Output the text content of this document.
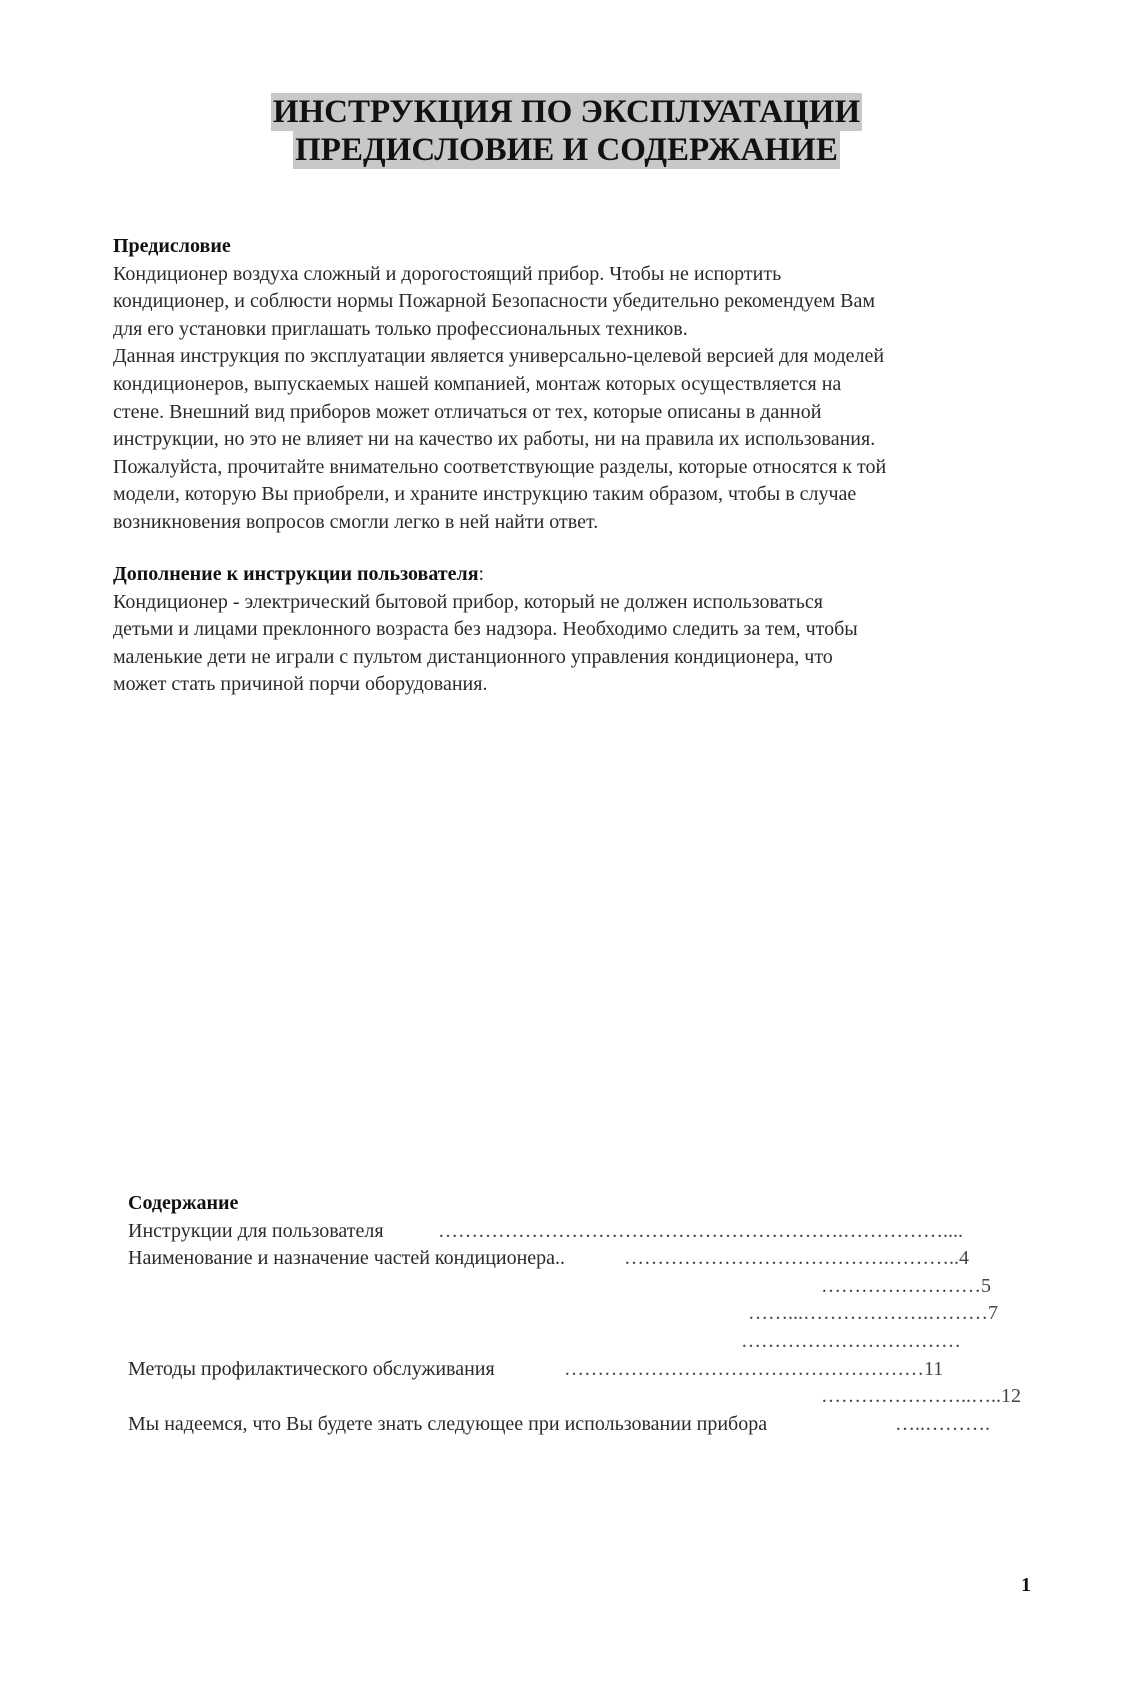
ИНСТРУКЦИЯ ПО ЭКСПЛУАТАЦИИ
ПРЕДИСЛОВИЕ И СОДЕРЖАНИЕ
Предисловие
Кондиционер воздуха сложный и дорогостоящий прибор. Чтобы не испортить
кондиционер, и соблюсти нормы Пожарной Безопасности убедительно рекомендуем Вам
для его установки приглашать только профессиональных техников.
Данная инструкция по эксплуатации является универсально-целевой версией для моделей
кондиционеров, выпускаемых нашей компанией, монтаж которых осуществляется на
стене. Внешний вид приборов может отличаться от тех, которые описаны в данной
инструкции, но это не влияет ни на качество их работы, ни на правила их использования.
Пожалуйста, прочитайте внимательно соответствующие разделы, которые относятся к той
модели, которую Вы приобрели, и храните инструкцию таким образом, чтобы в случае
возникновения вопросов смогли легко в ней найти ответ.
Дополнение к инструкции пользователя:
Кондиционер - электрический бытовой прибор, который не должен использоваться
детьми и лицами преклонного возраста без надзора. Необходимо следить за тем, чтобы
маленькие дети не играли с пультом дистанционного управления кондиционера, что
может стать причиной порчи оборудования.
Содержание
Инструкции для пользователя	…………………………………………………….……………....
Наименование и назначение частей кондиционера..	………………………………….………..4
……………………5
……...……………….………7
……………………………
Методы профилактического обслуживания	………………………………………………11
…………………..…..12
Мы надеемся, что Вы будете знать следующее при использовании прибора	…..……….
1
